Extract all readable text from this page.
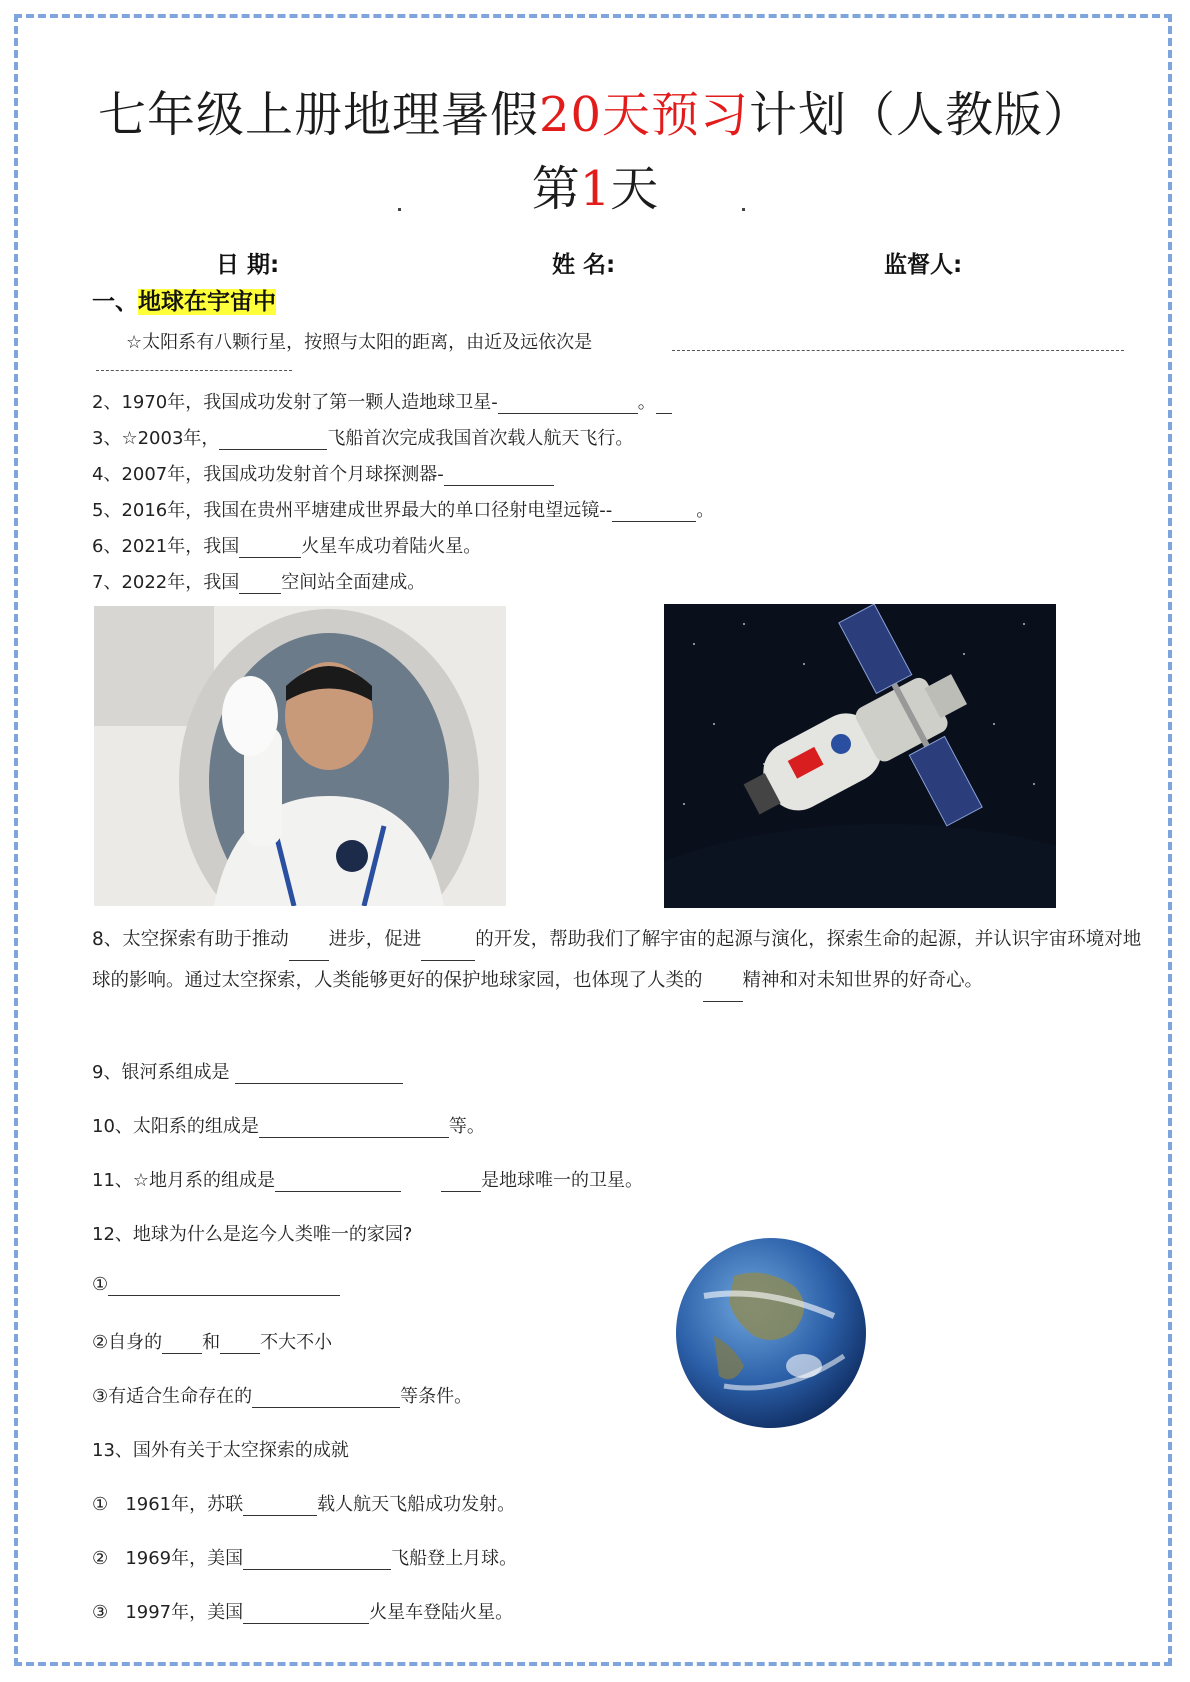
七年级上册地理暑假20天预习计划（人教版）
第1天
日 期:	姓 名:	监督人:
一、地球在宇宙中
☆太阳系有八颗行星，按照与太阳的距离，由近及远依次是
2、1970年，我国成功发射了第一颗人造地球卫星-	。
3、☆2003年，	飞船首次完成我国首次载人航天飞行。
4、2007年，我国成功发射首个月球探测器-
5、2016年，我国在贵州平塘建成世界最大的单口径射电望远镜--	。
6、2021年，我国	火星车成功着陆火星。
7、2022年，我国 空间站全面建成。
8、太空探索有助于推动 进步，促进	的开发，帮助我们了解宇宙的起源与演化，探索生命的起源，并认识宇宙环境对地球的影响。通过太空探索，人类能够更好的保护地球家园，也体现了人类的 精神和对未知世界的好奇心。
9、银河系组成是
10、太阳系的组成是	等。
11、☆地月系的组成是	是地球唯一的卫星。
12、地球为什么是迄今人类唯一的家园?
①
②自身的 和 不大不小
③有适合生命存在的	等条件。
13、国外有关于太空探索的成就
① 1961年，苏联	载人航天飞船成功发射。
② 1969年，美国	飞船登上月球。
③ 1997年，美国	火星车登陆火星。
